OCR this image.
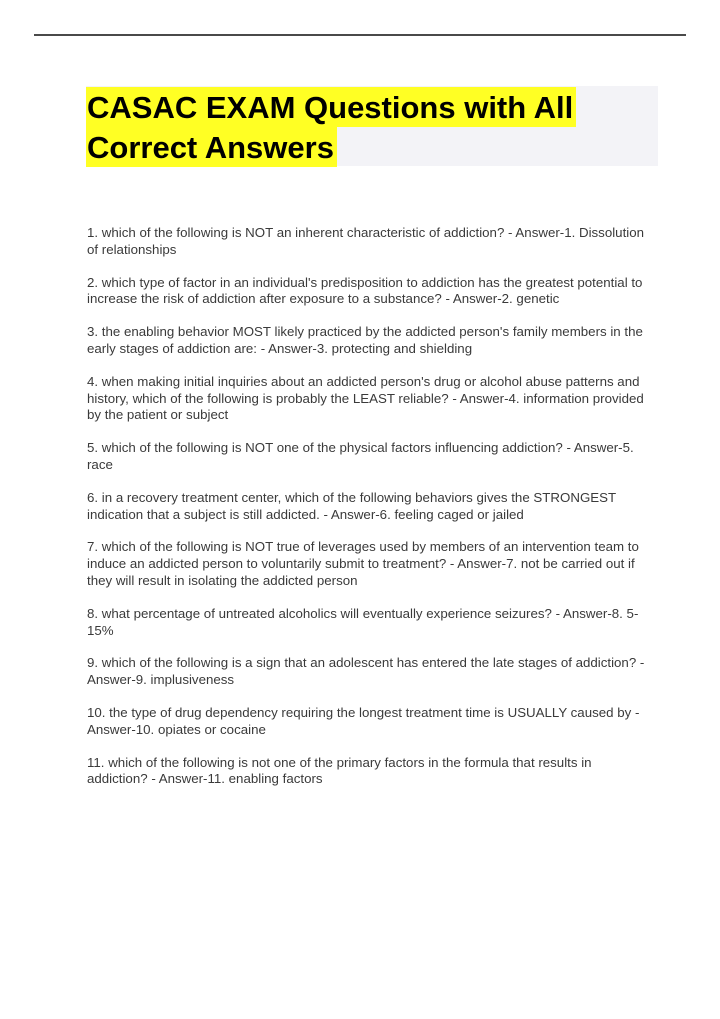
CASAC EXAM Questions with All
Correct Answers
1. which of the following is NOT an inherent characteristic of addiction? - Answer-1. Dissolution of relationships
2. which type of factor in an individual's predisposition to addiction has the greatest potential to increase the risk of addiction after exposure to a substance? - Answer-2. genetic
3. the enabling behavior MOST likely practiced by the addicted person's family members in the early stages of addiction are: - Answer-3. protecting and shielding
4. when making initial inquiries about an addicted person's drug or alcohol abuse patterns and history, which of the following is probably the LEAST reliable? - Answer-4. information provided by the patient or subject
5. which of the following is NOT one of the physical factors influencing addiction? - Answer-5. race
6. in a recovery treatment center, which of the following behaviors gives the STRONGEST indication that a subject is still addicted. - Answer-6. feeling caged or jailed
7. which of the following is NOT true of leverages used by members of an intervention team to induce an addicted person to voluntarily submit to treatment? - Answer-7. not be carried out if they will result in isolating the addicted person
8. what percentage of untreated alcoholics will eventually experience seizures? - Answer-8. 5-15%
9. which of the following is a sign that an adolescent has entered the late stages of addiction? - Answer-9. implusiveness
10. the type of drug dependency requiring the longest treatment time is USUALLY caused by - Answer-10. opiates or cocaine
11. which of the following is not one of the primary factors in the formula that results in addiction? - Answer-11. enabling factors
